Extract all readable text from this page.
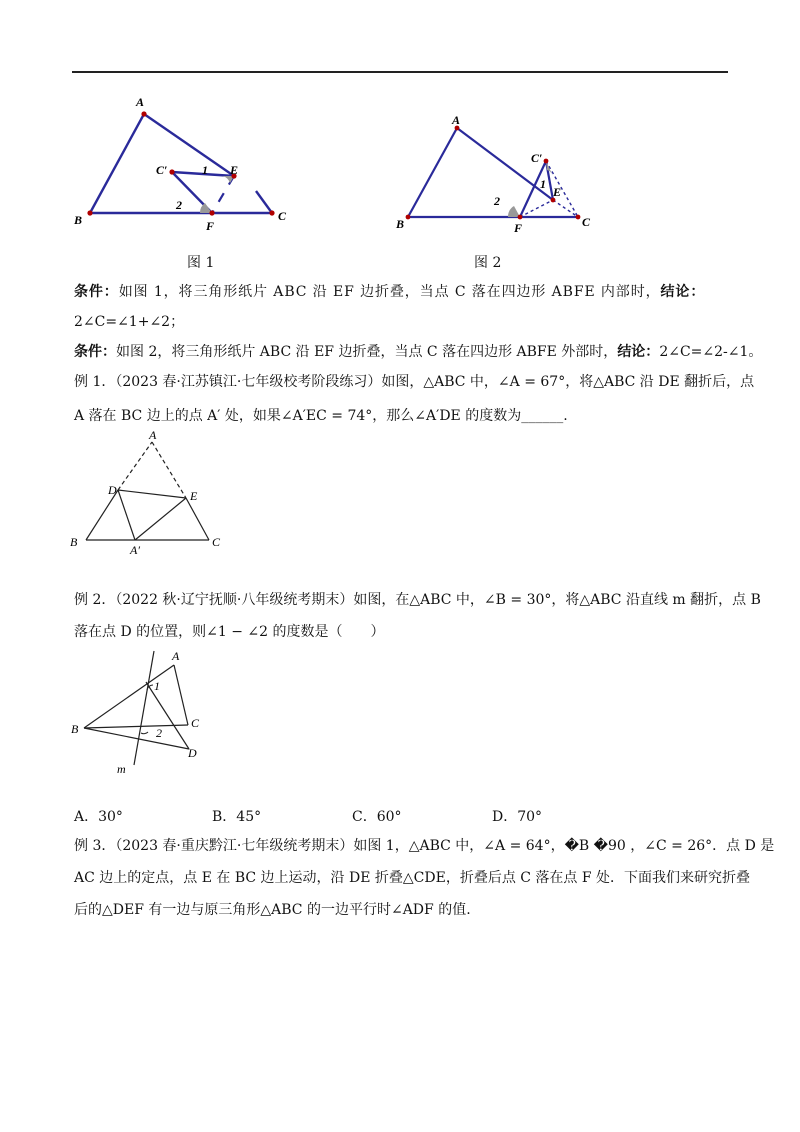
A
B	C
C′	E
F
1
2
图 1
A
B	C
C′
E
F
1
2
图 2
条件：如图 1，将三角形纸片 ABC 沿 EF 边折叠，当点 C 落在四边形 ABFE 内部时，结论：
2∠C=∠1+∠2；
条件：如图 2，将三角形纸片 ABC 沿 EF 边折叠，当点 C 落在四边形 ABFE 外部时，结论：2∠C=∠2-∠1。
例 1．（2023 春·江苏镇江·七年级校考阶段练习）如图，△ABC 中，∠A = 67°，将△ABC 沿 DE 翻折后，点
A 落在 BC 边上的点 A′ 处，如果∠A′EC = 74°，那么∠A′DE 的度数为______.
A
B	C
D	E
A′
例 2．（2022 秋·辽宁抚顺·八年级统考期末）如图，在△ABC 中，∠B = 30°，将△ABC 沿直线 m 翻折，点 B
落在点 D 的位置，则∠1 − ∠2 的度数是（　　）
A
B	C
D
m
1
2
A．30°	B．45°	C．60°	D．70°
例 3．（2023 春·重庆黔江·七年级统考期末）如图 1，△ABC 中，∠A = 64°，�B �90 ，∠C = 26°．点 D 是
AC 边上的定点，点 E 在 BC 边上运动，沿 DE 折叠△CDE，折叠后点 C 落在点 F 处．下面我们来研究折叠
后的△DEF 有一边与原三角形△ABC 的一边平行时∠ADF 的值.
